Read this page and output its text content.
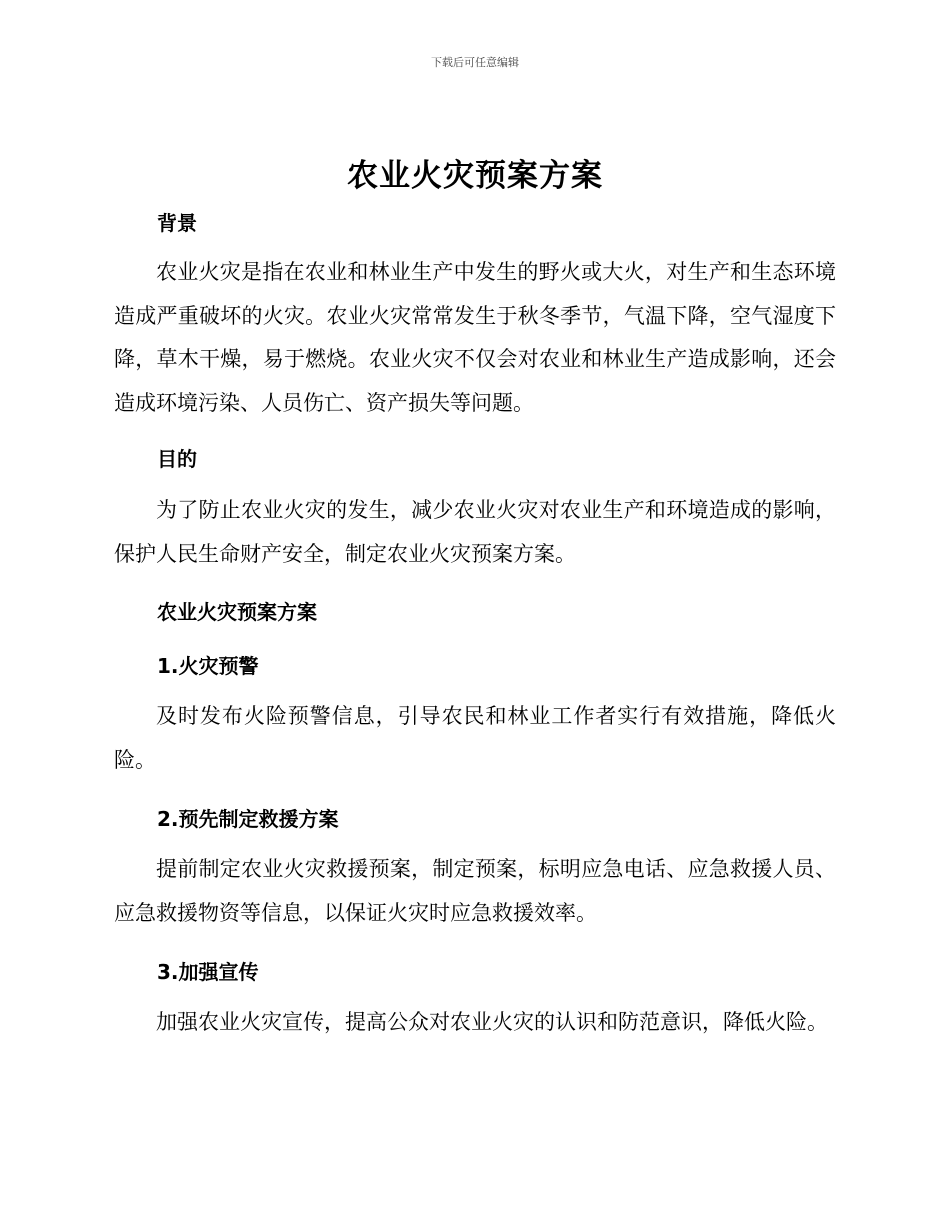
下载后可任意编辑
农业火灾预案方案
背景
农业火灾是指在农业和林业生产中发生的野火或大火，对生产和生态环境造成严重破坏的火灾。农业火灾常常发生于秋冬季节，气温下降，空气湿度下降，草木干燥，易于燃烧。农业火灾不仅会对农业和林业生产造成影响，还会造成环境污染、人员伤亡、资产损失等问题。
目的
为了防止农业火灾的发生，减少农业火灾对农业生产和环境造成的影响，保护人民生命财产安全，制定农业火灾预案方案。
农业火灾预案方案
1.火灾预警
及时发布火险预警信息，引导农民和林业工作者实行有效措施，降低火险。
2.预先制定救援方案
提前制定农业火灾救援预案，制定预案，标明应急电话、应急救援人员、应急救援物资等信息，以保证火灾时应急救援效率。
3.加强宣传
加强农业火灾宣传，提高公众对农业火灾的认识和防范意识，降低火险。
